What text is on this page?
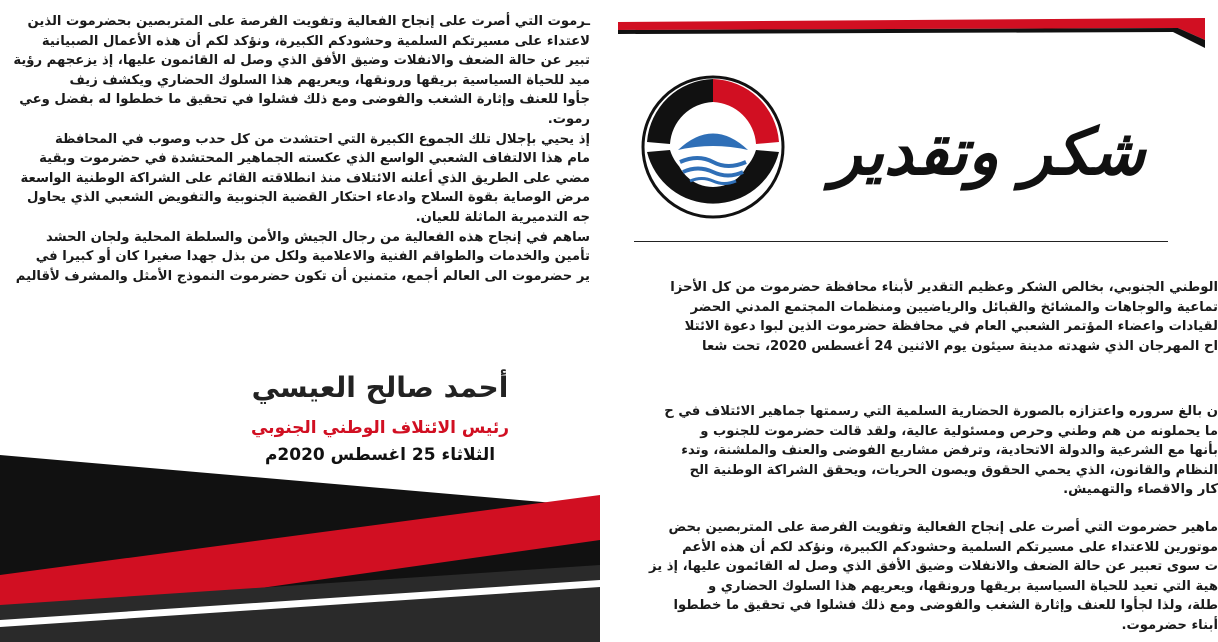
ـرموت التي أصرت على إنجاح الفعالية وتفويت الفرصة على المتربصين بحضرموت الذين
لاعتداء على مسيرتكم السلمية وحشودكم الكبيرة، ونؤكد لكم أن هذه الأعمال الصبيانية
تبير عن حالة الضعف والانفلات وضيق الأفق الذي وصل له القائمون عليها، إذ يزعجهم رؤية
ميد للحياة السياسية بريقها ورونقها، ويعريهم هذا السلوك الحضاري ويكشف زيف
جأوا للعنف وإثارة الشغب والفوضى ومع ذلك فشلوا في تحقيق ما خططوا له بفضل وعي
رموت.
إذ يحيي بإجلال تلك الجموع الكبيرة التي احتشدت من كل حدب وصوب في المحافظة
مام هذا الالتفاف الشعبي الواسع الذي عكسته الجماهير المحتشدة في حضرموت وبقية
مضي على الطريق الذي أعلنه الائتلاف منذ انطلاقته القائم على الشراكة الوطنية الواسعة
مرض الوصاية بقوة السلاح وادعاء احتكار القضية الجنوبية والتفويض الشعبي الذي يحاول
جه التدميرية الماثلة للعيان.
ساهم في إنجاح هذه الفعالية من رجال الجيش والأمن والسلطة المحلية ولجان الحشد
تأمين والخدمات والطواقم الفنية والاعلامية ولكل من بذل جهدا صغيرا كان أو كبيرا في
ير حضرموت الى العالم أجمع، متمنين أن تكون حضرموت النموذج الأمثل والمشرف لأقاليم
أحمد صالح العيسي
رئيس الائتلاف الوطني الجنوبي
الثلاثاء 25 اغسطس 2020م
شكر وتقدير
الوطني الجنوبي، بخالص الشكر وعظيم التقدير لأبناء محافظة حضرموت من كل الأحزا
تماعية والوجاهات والمشائخ والقبائل والرياضيين ومنظمات المجتمع المدني الحضر
لقيادات واعضاء المؤتمر الشعبي العام في محافظة حضرموت الذين لبوا دعوة الائتلا
اح المهرجان الذي شهدته مدينة سيئون يوم الاثنين 24 أغسطس 2020، تحت شعا
ن بالغ سروره واعتزازه بالصورة الحضارية السلمية التي رسمتها جماهير الائتلاف في ح
ما يحملونه من هم وطني وحرص ومسئولية عالية، ولقد قالت حضرموت للجنوب و
بأنها مع الشرعية والدولة الاتحادية، وترفض مشاريع الفوضى والعنف والملشنة، وتدء
النظام والقانون، الذي يحمي الحقوق ويصون الحريات، ويحقق الشراكة الوطنية الح
كار والاقصاء والتهميش.
ماهير حضرموت التي أصرت على إنجاح الفعالية وتفويت الفرصة على المتربصين بحض
موتورين للاعتداء على مسيرتكم السلمية وحشودكم الكبيرة، ونؤكد لكم أن هذه الأعم
ت سوى تعبير عن حالة الضعف والانفلات وضيق الأفق الذي وصل له القائمون عليها، إذ يز
هية التي تعيد للحياة السياسية بريقها ورونقها، ويعريهم هذا السلوك الحضاري و
طلة، ولذا لجأوا للعنف وإثارة الشغب والفوضى ومع ذلك فشلوا في تحقيق ما خططوا
أبناء حضرموت.
